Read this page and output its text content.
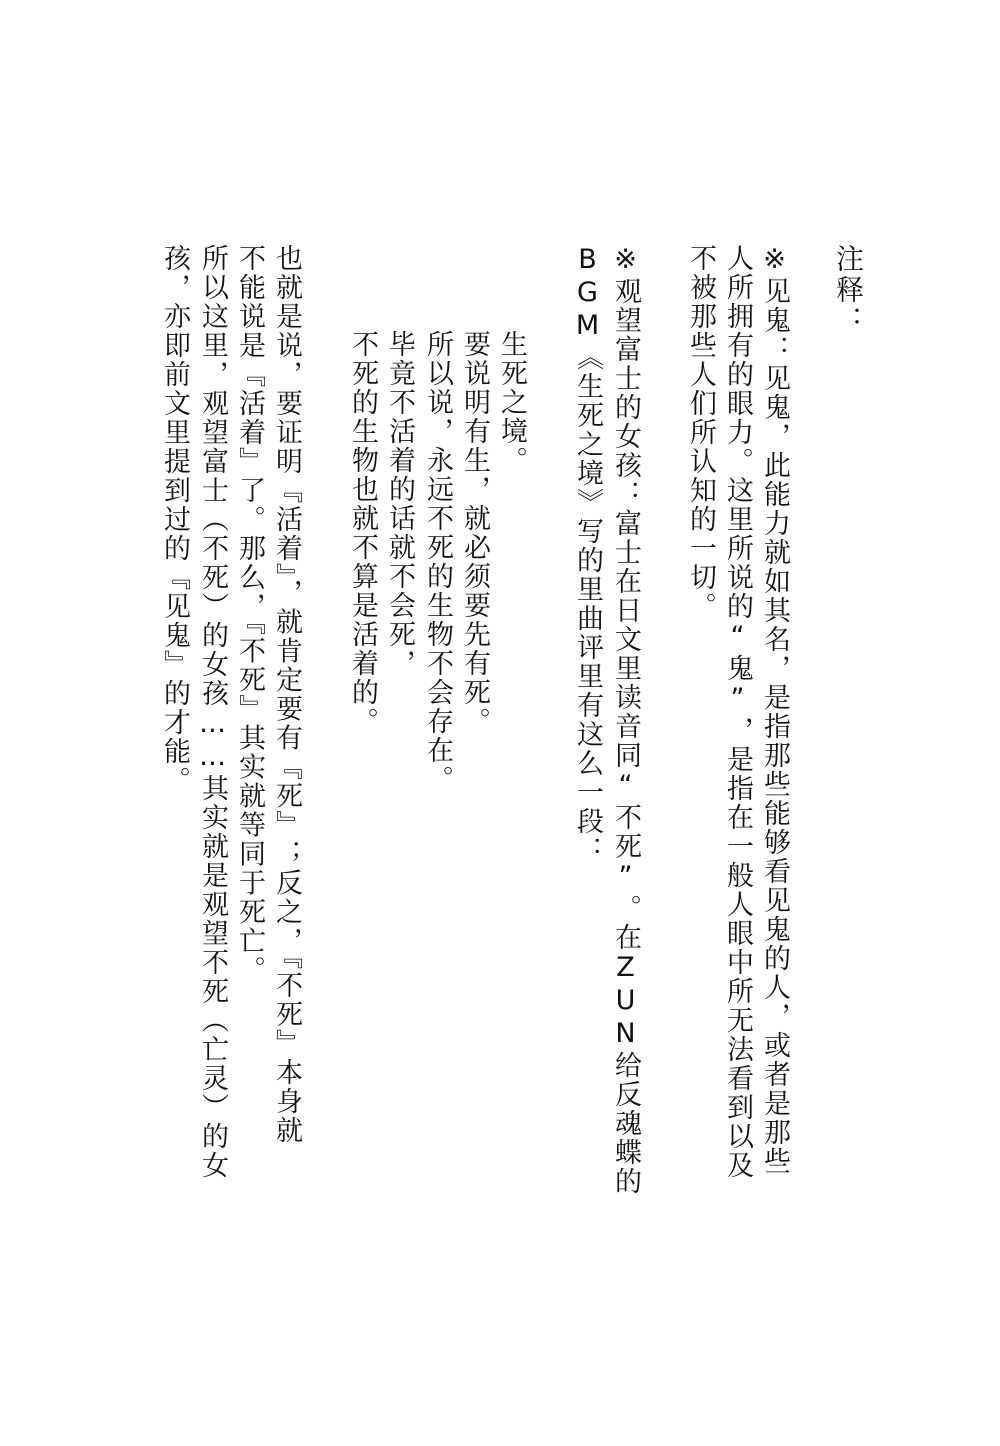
注释：
※见鬼：见鬼，此能力就如其名，是指那些能够看见鬼的人，或者是那些
人所拥有的眼力。这里所说的“鬼”，是指在一般人眼中所无法看到以及
不被那些人们所认知的一切。
※观望富士的女孩：富士在日文里读音同“不死”。在ZUN给反魂蝶的
BGM《生死之境》写的里曲评里有这么一段：
生死之境。
要说明有生，就必须要先有死。
所以说，永远不死的生物不会存在。
毕竟不活着的话就不会死，
不死的生物也就不算是活着的。
也就是说，要证明『活着』，就肯定要有『死』；反之，『不死』本身就
不能说是『活着』了。那么，『不死』其实就等同于死亡。
所以这里，观望富士（不死）的女孩……其实就是观望不死（亡灵）的女
孩，亦即前文里提到过的『见鬼』的才能。
